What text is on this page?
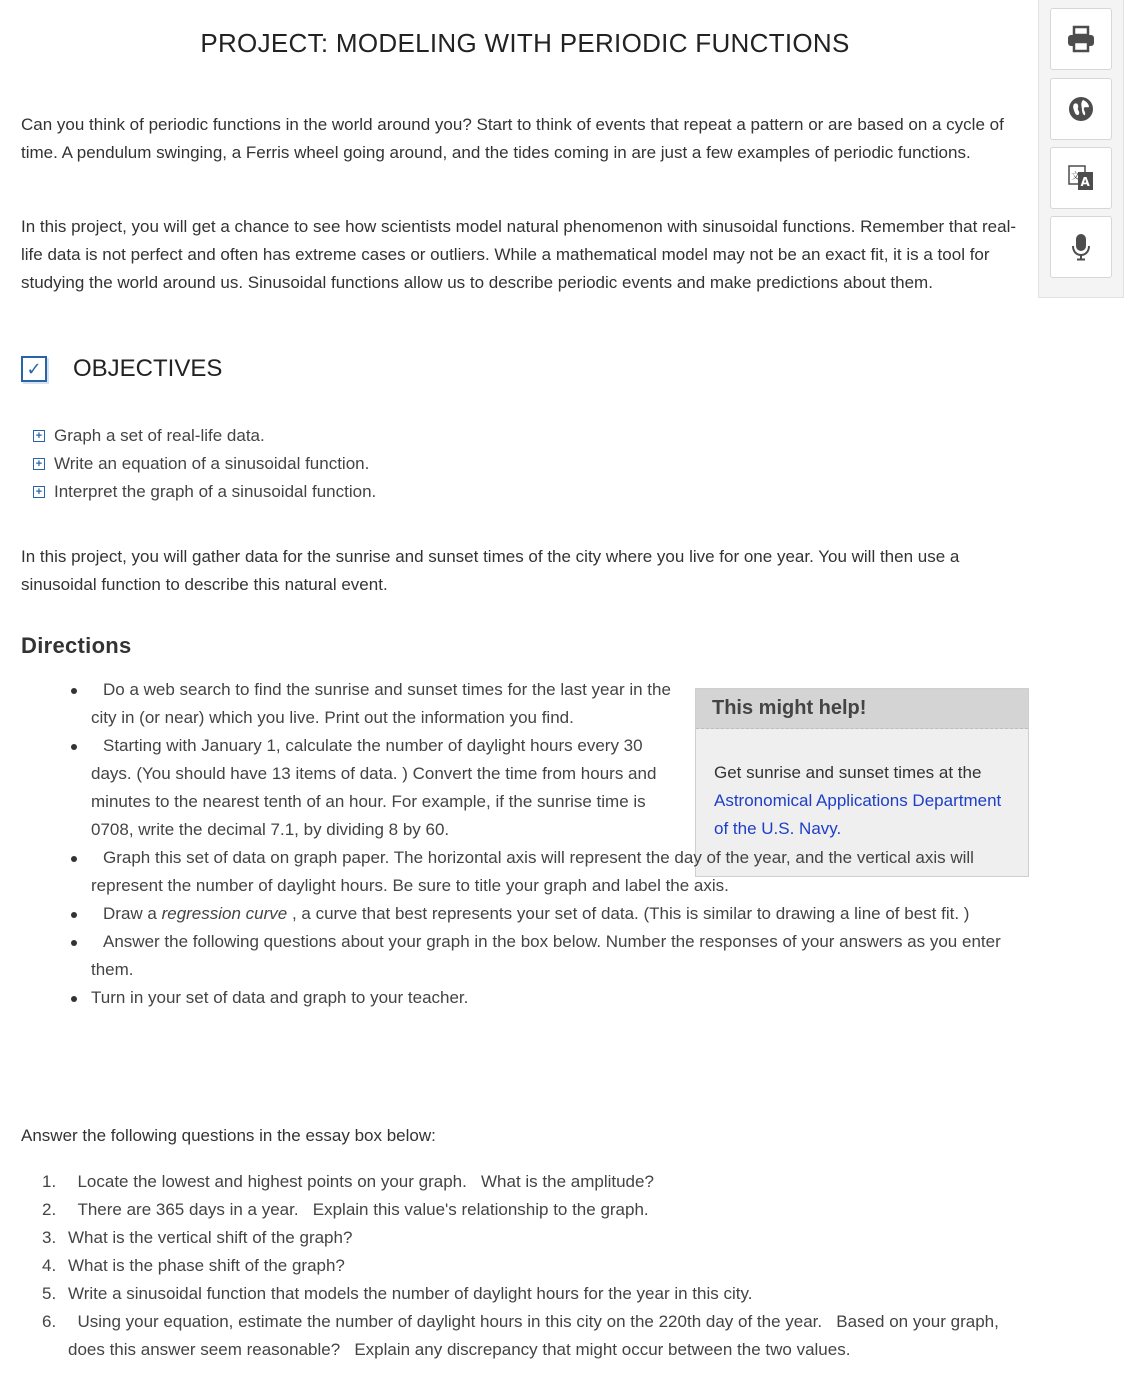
PROJECT: MODELING WITH PERIODIC FUNCTIONS

Can you think of periodic functions in the world around you? Start to think of events that repeat a pattern or are based on a cycle of time. A pendulum swinging, a Ferris wheel going around, and the tides coming in are just a few examples of periodic functions.

In this project, you will get a chance to see how scientists model natural phenomenon with sinusoidal functions. Remember that real-life data is not perfect and often has extreme cases or outliers. While a mathematical model may not be an exact fit, it is a tool for studying the world around us. Sinusoidal functions allow us to describe periodic events and make predictions about them.

✓ OBJECTIVES
+ Graph a set of real-life data.
+ Write an equation of a sinusoidal function.
+ Interpret the graph of a sinusoidal function.

In this project, you will gather data for the sunrise and sunset times of the city where you live for one year. You will then use a sinusoidal function to describe this natural event.

Directions
This might help!
Get sunrise and sunset times at the
Astronomical Applications Department of the U.S. Navy.
Do a web search to find the sunrise and sunset times for the last year in the city in (or near) which you live. Print out the information you find.
Starting with January 1, calculate the number of daylight hours every 30 days. (You should have 13 items of data. ) Convert the time from hours and minutes to the nearest tenth of an hour. For example, if the sunrise time is 0708, write the decimal 7.1, by dividing 8 by 60.
Graph this set of data on graph paper. The horizontal axis will represent the day of the year, and the vertical axis will represent the number of daylight hours. Be sure to title your graph and label the axis.
Draw a regression curve , a curve that best represents your set of data. (This is similar to drawing a line of best fit. )
Answer the following questions about your graph in the box below. Number the responses of your answers as you enter them.
Turn in your set of data and graph to your teacher.
Answer the following questions in the essay box below:
1. Locate the lowest and highest points on your graph.   What is the amplitude?
2. There are 365 days in a year.   Explain this value's relationship to the graph.
3. What is the vertical shift of the graph?
4. What is the phase shift of the graph?
5. Write a sinusoidal function that models the number of daylight hours for the year in this city.
6. Using your equation, estimate the number of daylight hours in this city on the 220th day of the year.   Based on your graph, does this answer seem reasonable?   Explain any discrepancy that might occur between the two values.
文 A
